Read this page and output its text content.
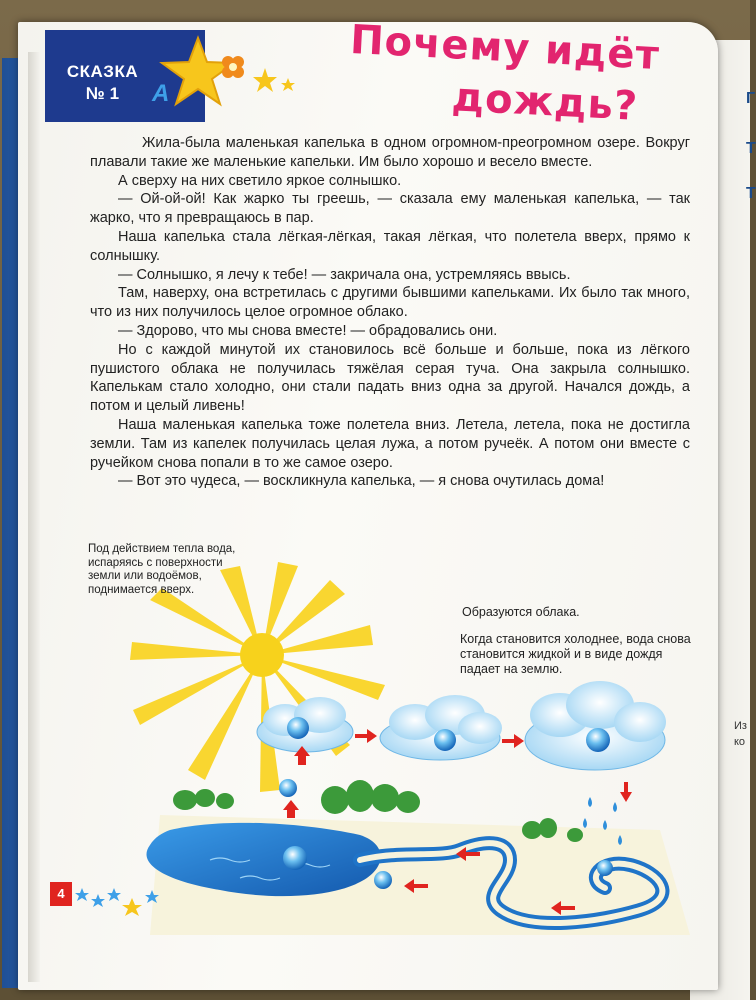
Г
Т
Т
Из
ко
СКАЗКА
№ 1	A
Почему идёт
дождь?

Жила-была маленькая капелька в одном огромном-преогромном озере. Вокруг плавали такие же маленькие капельки. Им было хорошо и весело вместе.

А сверху на них светило яркое солнышко.

— Ой-ой-ой! Как жарко ты греешь, — сказала ему маленькая капелька, — так жарко, что я превращаюсь в пар.

Наша капелька стала лёгкая-лёгкая, такая лёгкая, что полетела вверх, прямо к солнышку.

— Солнышко, я лечу к тебе! — закричала она, устремляясь ввысь.

Там, наверху, она встретилась с другими бывшими капельками. Их было так много, что из них получилось целое огромное облако.

— Здорово, что мы снова вместе! — обрадовались они.

Но с каждой минутой их становилось всё больше и больше, пока из лёгкого пушистого облака не получилась тяжёлая серая туча. Она закрыла солнышко. Капелькам стало холодно, они стали падать вниз одна за другой. Начался дождь, а потом и целый ливень!

Наша маленькая капелька тоже полетела вниз. Летела, летела, пока не достигла земли. Там из капелек получилась целая лужа, а потом ручеёк. А потом они вместе с ручейком снова попали в то же самое озеро.

— Вот это чудеса, — воскликнула капелька, — я снова очутилась дома!

Под действием тепла вода, испаряясь с поверхности земли или водоёмов, поднимается вверх.
Образуются облака.
Когда становится холоднее, вода снова становится жидкой и в виде дождя падает на землю.
4
